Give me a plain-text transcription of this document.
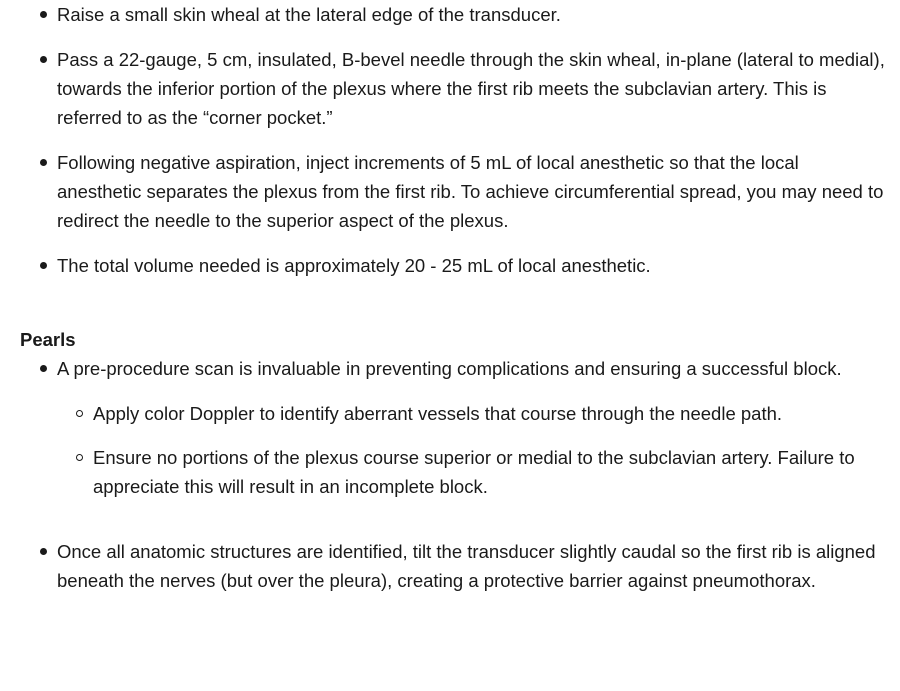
Raise a small skin wheal at the lateral edge of the transducer.
Pass a 22-gauge, 5 cm, insulated, B-bevel needle through the skin wheal, in-plane (lateral to medial), towards the inferior portion of the plexus where the first rib meets the subclavian artery. This is referred to as the “corner pocket.”
Following negative aspiration, inject increments of 5 mL of local anesthetic so that the local anesthetic separates the plexus from the first rib. To achieve circumferential spread, you may need to redirect the needle to the superior aspect of the plexus.
The total volume needed is approximately 20 - 25 mL of local anesthetic.
Pearls
A pre-procedure scan is invaluable in preventing complications and ensuring a successful block.
Apply color Doppler to identify aberrant vessels that course through the needle path.
Ensure no portions of the plexus course superior or medial to the subclavian artery. Failure to appreciate this will result in an incomplete block.
Once all anatomic structures are identified, tilt the transducer slightly caudal so the first rib is aligned beneath the nerves (but over the pleura), creating a protective barrier against pneumothorax.
